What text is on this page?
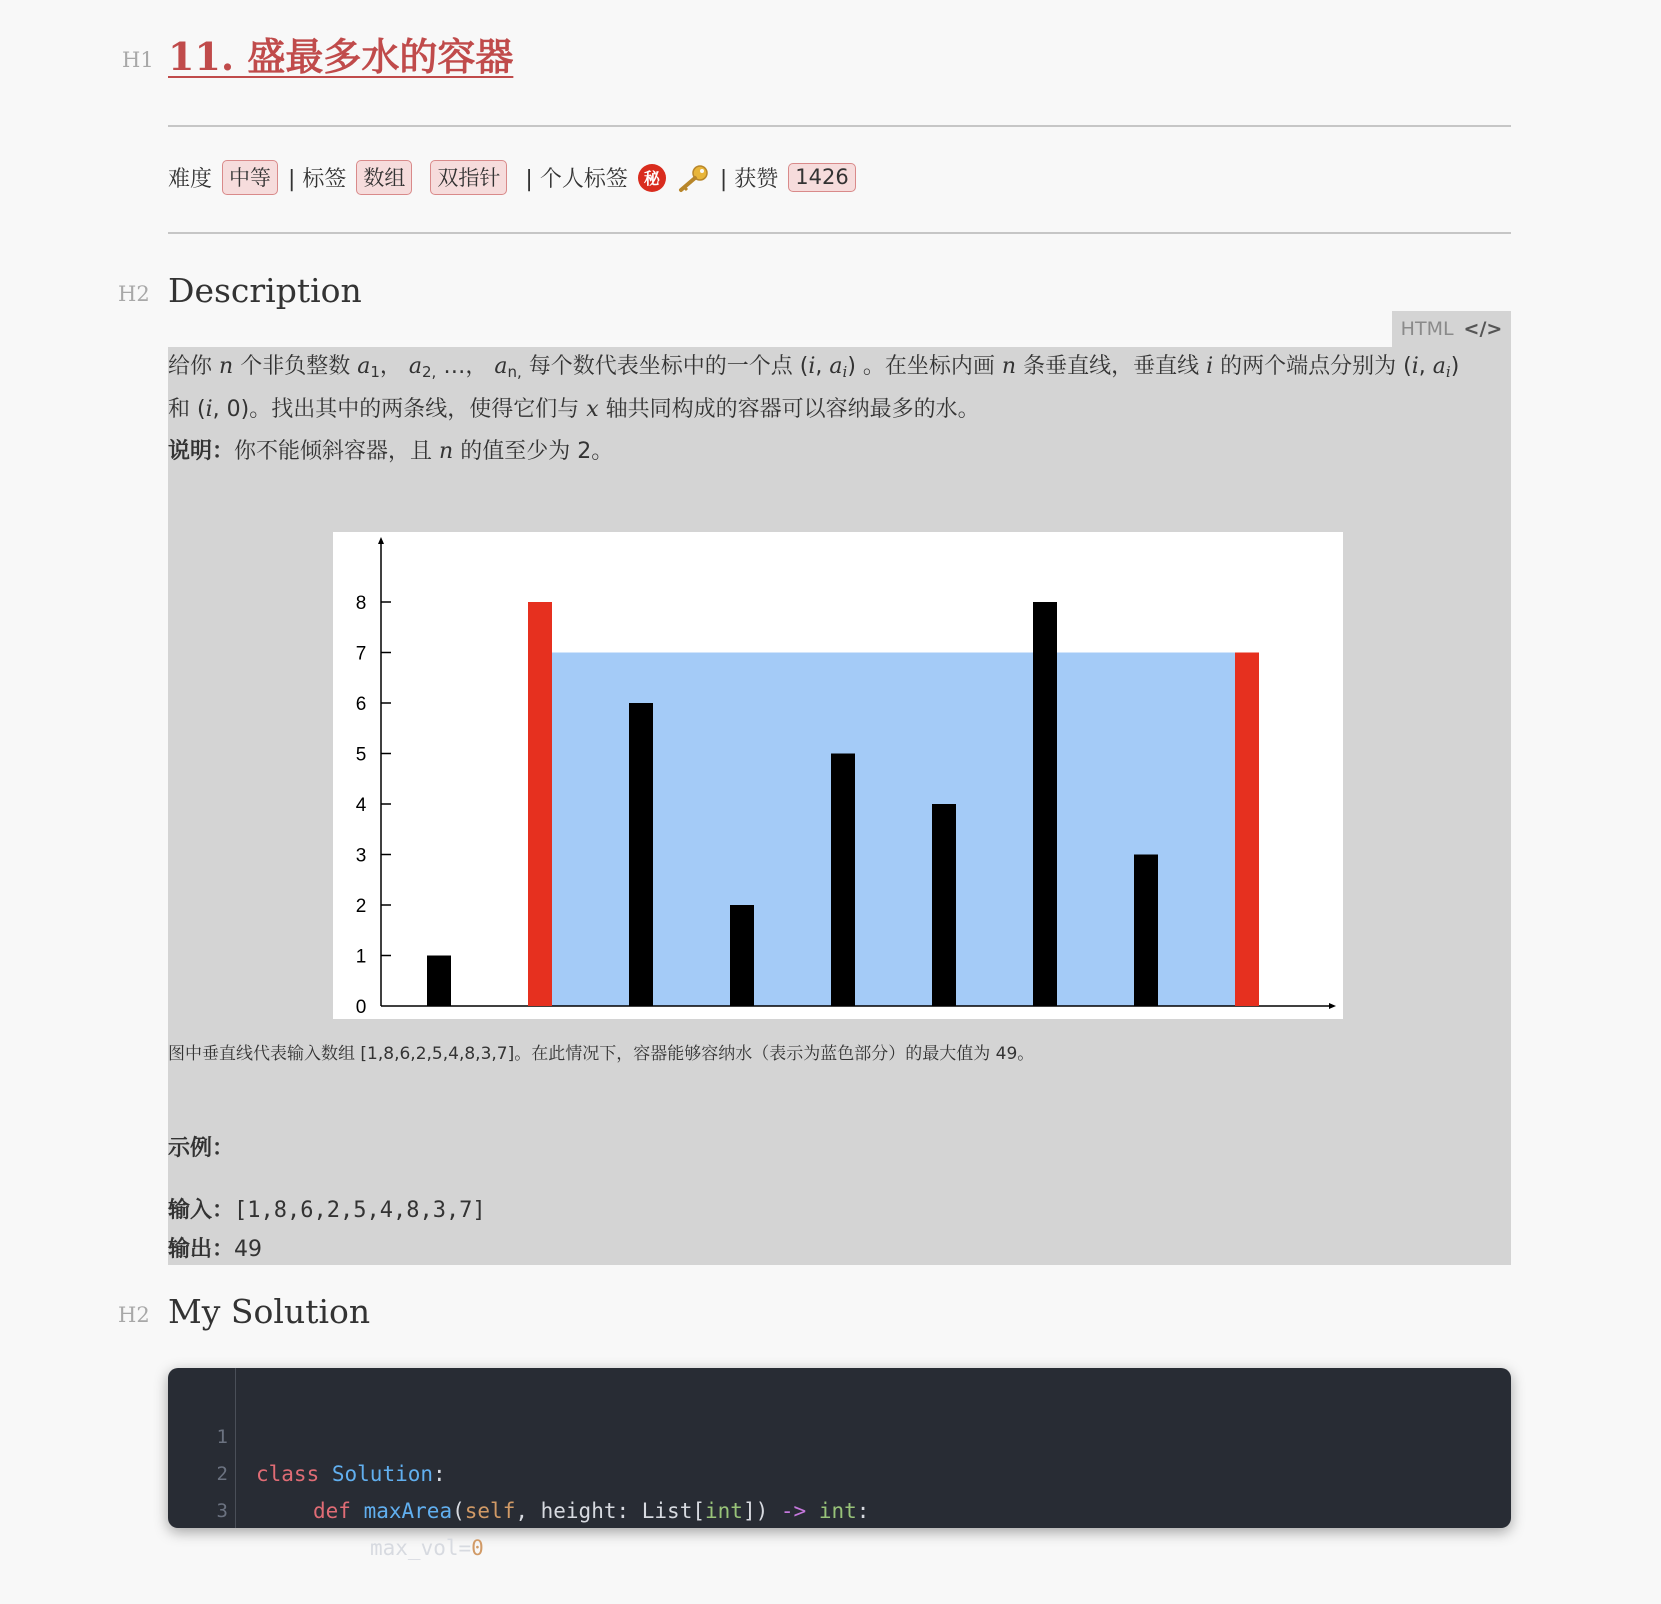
H1 11. 盛最多水的容器
难度 中等 | 标签 数组	双指针	| 个人标签 秘	| 获赞 1426
H2 Description
HTML </>
给你 n 个非负整数 $a_1$， $a_{2,}$ …， $a_{n,}$ 每个数代表坐标中的一个点 (i, $a_i$) 。在坐标内画 n 条垂直线，垂直线 i 的两个端点分别为 (i, $a_i$)
和 (i, 0)。找出其中的两条线，使得它们与 x 轴共同构成的容器可以容纳最多的水。
说明：你不能倾斜容器，且 n 的值至少为 2。
0
1
2
3
4
5
6
7
8
图中垂直线代表输入数组 [1,8,6,2,5,4,8,3,7]。在此情况下，容器能够容纳水（表示为蓝色部分）的最大值为 49。
示例：
输入：[1,8,6,2,5,4,8,3,7]
输出：49
H2 My Solution

1

class Solution:

2

def maxArea(self, height: List[int]) -> int:

3

max_vol=0
